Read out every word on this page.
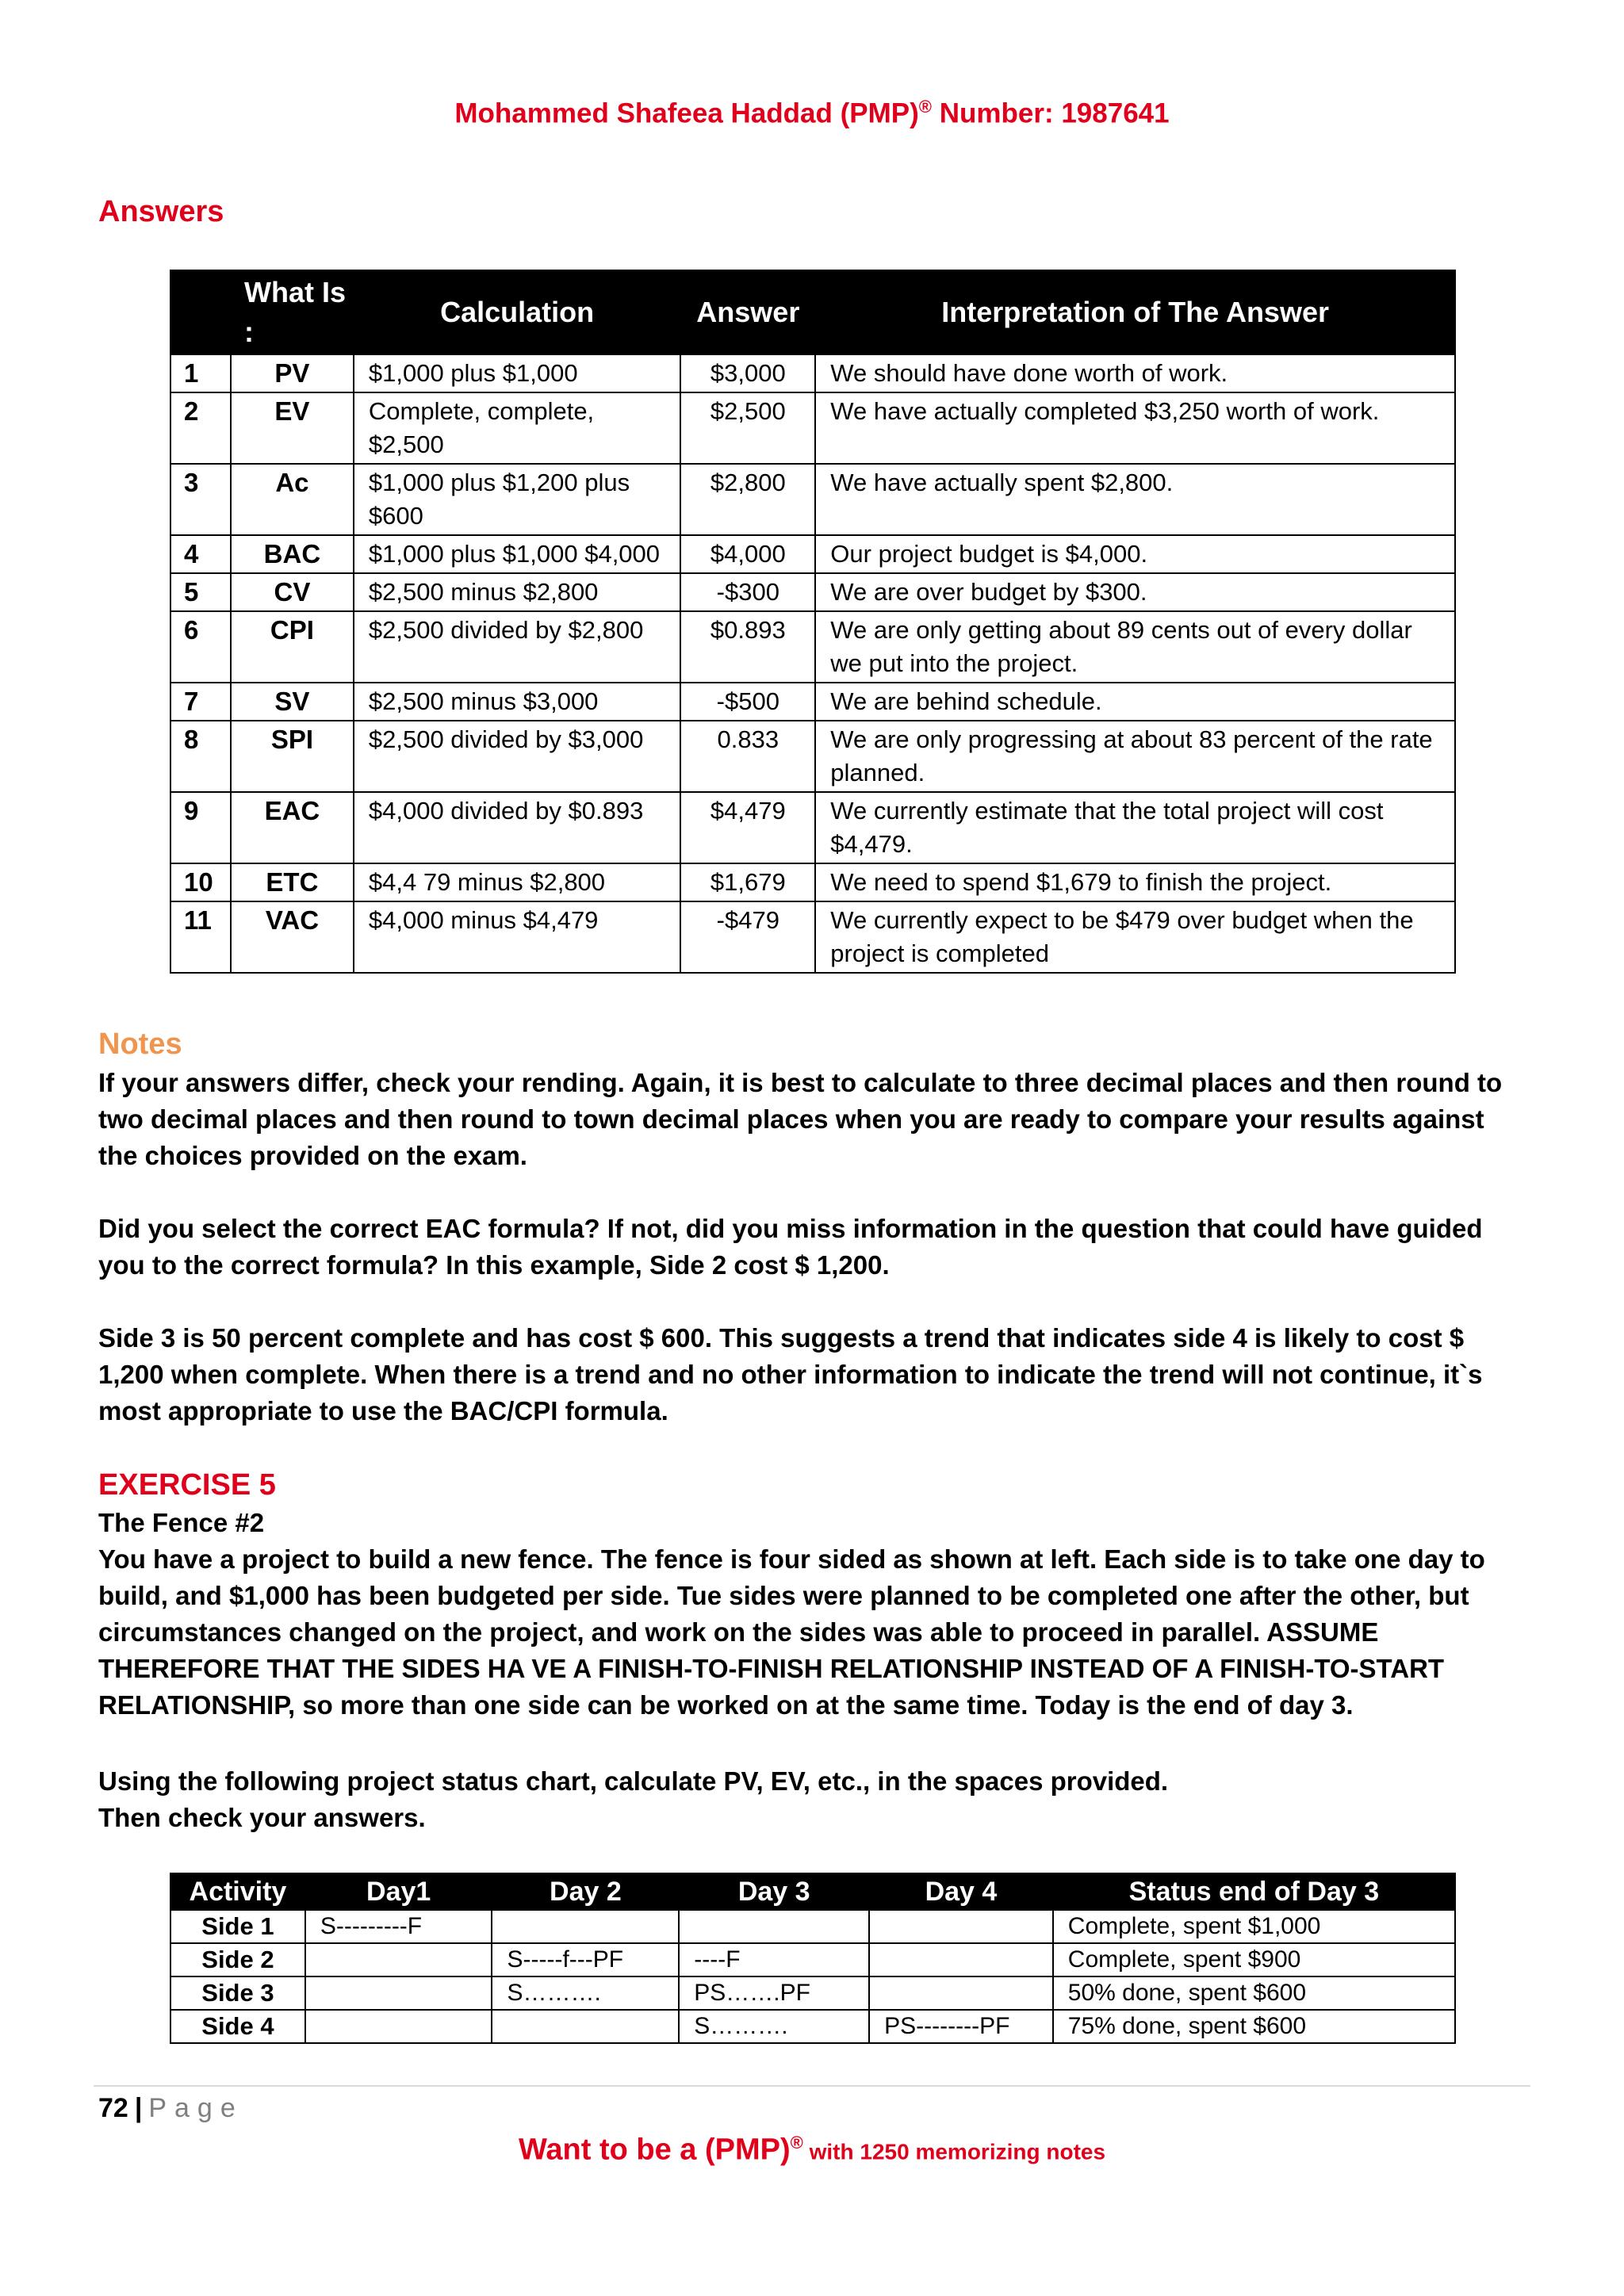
Mohammed Shafeea Haddad (PMP)® Number: 1987641
Answers
	What Is :	Calculation	Answer	Interpretation of The Answer
1	PV	$1,000 plus $1,000	$3,000	We should have done worth of work.
2	EV	Complete, complete, $2,500	$2,500	We have actually completed $3,250 worth of work.
3	Ac	$1,000 plus $1,200 plus $600	$2,800	We have actually spent $2,800.
4	BAC	$1,000 plus $1,000 $4,000	$4,000	Our project budget is $4,000.
5	CV	$2,500 minus $2,800	-$300	We are over budget by $300.
6	CPI	$2,500 divided by $2,800	$0.893	We are only getting about 89 cents out of every dollar we put into the project.
7	SV	$2,500 minus $3,000	-$500	We are behind schedule.
8	SPI	$2,500 divided by $3,000	0.833	We are only progressing at about 83 percent of the rate planned.
9	EAC	$4,000 divided by $0.893	$4,479	We currently estimate that the total project will cost $4,479.
10	ETC	$4,4 79 minus $2,800	$1,679	We need to spend $1,679 to finish the project.
11	VAC	$4,000 minus $4,479	-$479	We currently expect to be $479 over budget when the project is completed
Notes
If your answers differ, check your rending. Again, it is best to calculate to three decimal places and then round to two decimal places and then round to town decimal places when you are ready to compare your results against the choices provided on the exam.
Did you select the correct EAC formula? If not, did you miss information in the question that could have guided you to the correct formula? In this example, Side 2 cost $ 1,200.
Side 3 is 50 percent complete and has cost $ 600. This suggests a trend that indicates side 4 is likely to cost $ 1,200 when complete. When there is a trend and no other information to indicate the trend will not continue, it`s most appropriate to use the BAC/CPI formula.
EXERCISE 5
The Fence #2
You have a project to build a new fence. The fence is four sided as shown at left. Each side is to take one day to build, and $1,000 has been budgeted per side. Tue sides were planned to be completed one after the other, but circumstances changed on the project, and work on the sides was able to proceed in parallel. ASSUME THEREFORE THAT THE SIDES HA VE A FINISH-TO-FINISH RELATIONSHIP INSTEAD OF A FINISH-TO-START RELATIONSHIP, so more than one side can be worked on at the same time. Today is the end of day 3.
Using the following project status chart, calculate PV, EV, etc., in the spaces provided.
Then check your answers.
Activity	Day1	Day 2	Day 3	Day 4	Status end of Day 3
Side 1	S---------F				Complete, spent $1,000
Side 2		S-----f---PF	----F		Complete, spent $900
Side 3		S……….	PS…….PF		50% done, spent $600
Side 4			S……….	PS--------PF	75% done, spent $600
72 | Page
Want to be a (PMP)® with 1250 memorizing notes
